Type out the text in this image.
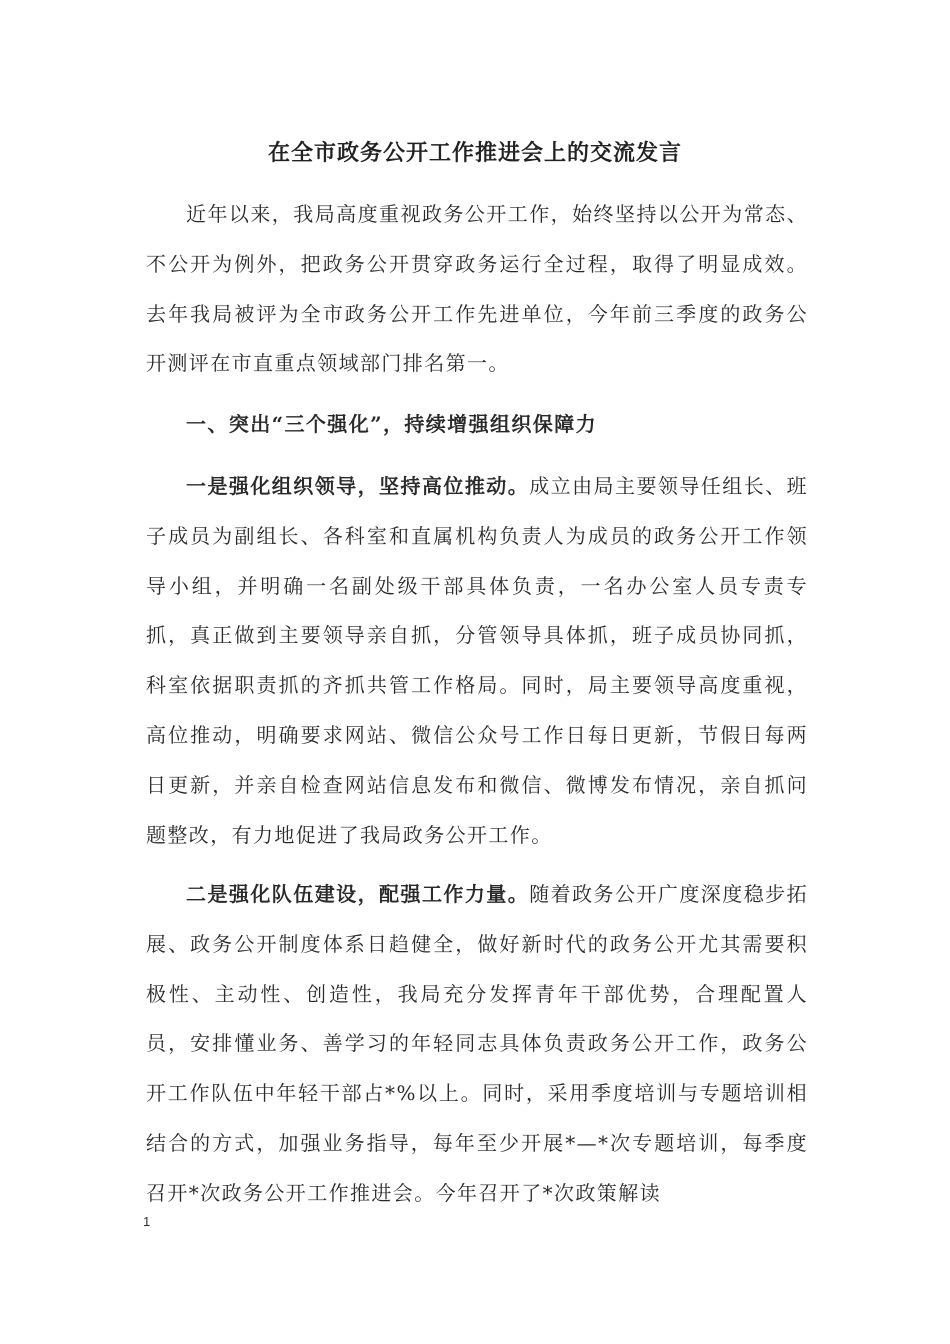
在全市政务公开工作推进会上的交流发言
近年以来，我局高度重视政务公开工作，始终坚持以公开为常态、不公开为例外，把政务公开贯穿政务运行全过程，取得了明显成效。去年我局被评为全市政务公开工作先进单位，今年前三季度的政务公开测评在市直重点领域部门排名第一。
一、突出“三个强化”，持续增强组织保障力
一是强化组织领导，坚持高位推动。成立由局主要领导任组长、班子成员为副组长、各科室和直属机构负责人为成员的政务公开工作领导小组，并明确一名副处级干部具体负责，一名办公室人员专责专抓，真正做到主要领导亲自抓，分管领导具体抓，班子成员协同抓，科室依据职责抓的齐抓共管工作格局。同时，局主要领导高度重视，高位推动，明确要求网站、微信公众号工作日每日更新，节假日每两日更新，并亲自检查网站信息发布和微信、微博发布情况，亲自抓问题整改，有力地促进了我局政务公开工作。
二是强化队伍建设，配强工作力量。随着政务公开广度深度稳步拓展、政务公开制度体系日趋健全，做好新时代的政务公开尤其需要积极性、主动性、创造性，我局充分发挥青年干部优势，合理配置人员，安排懂业务、善学习的年轻同志具体负责政务公开工作，政务公开工作队伍中年轻干部占*%以上。同时，采用季度培训与专题培训相结合的方式，加强业务指导，每年至少开展*—*次专题培训，每季度召开*次政务公开工作推进会。今年召开了*次政策解读
1
